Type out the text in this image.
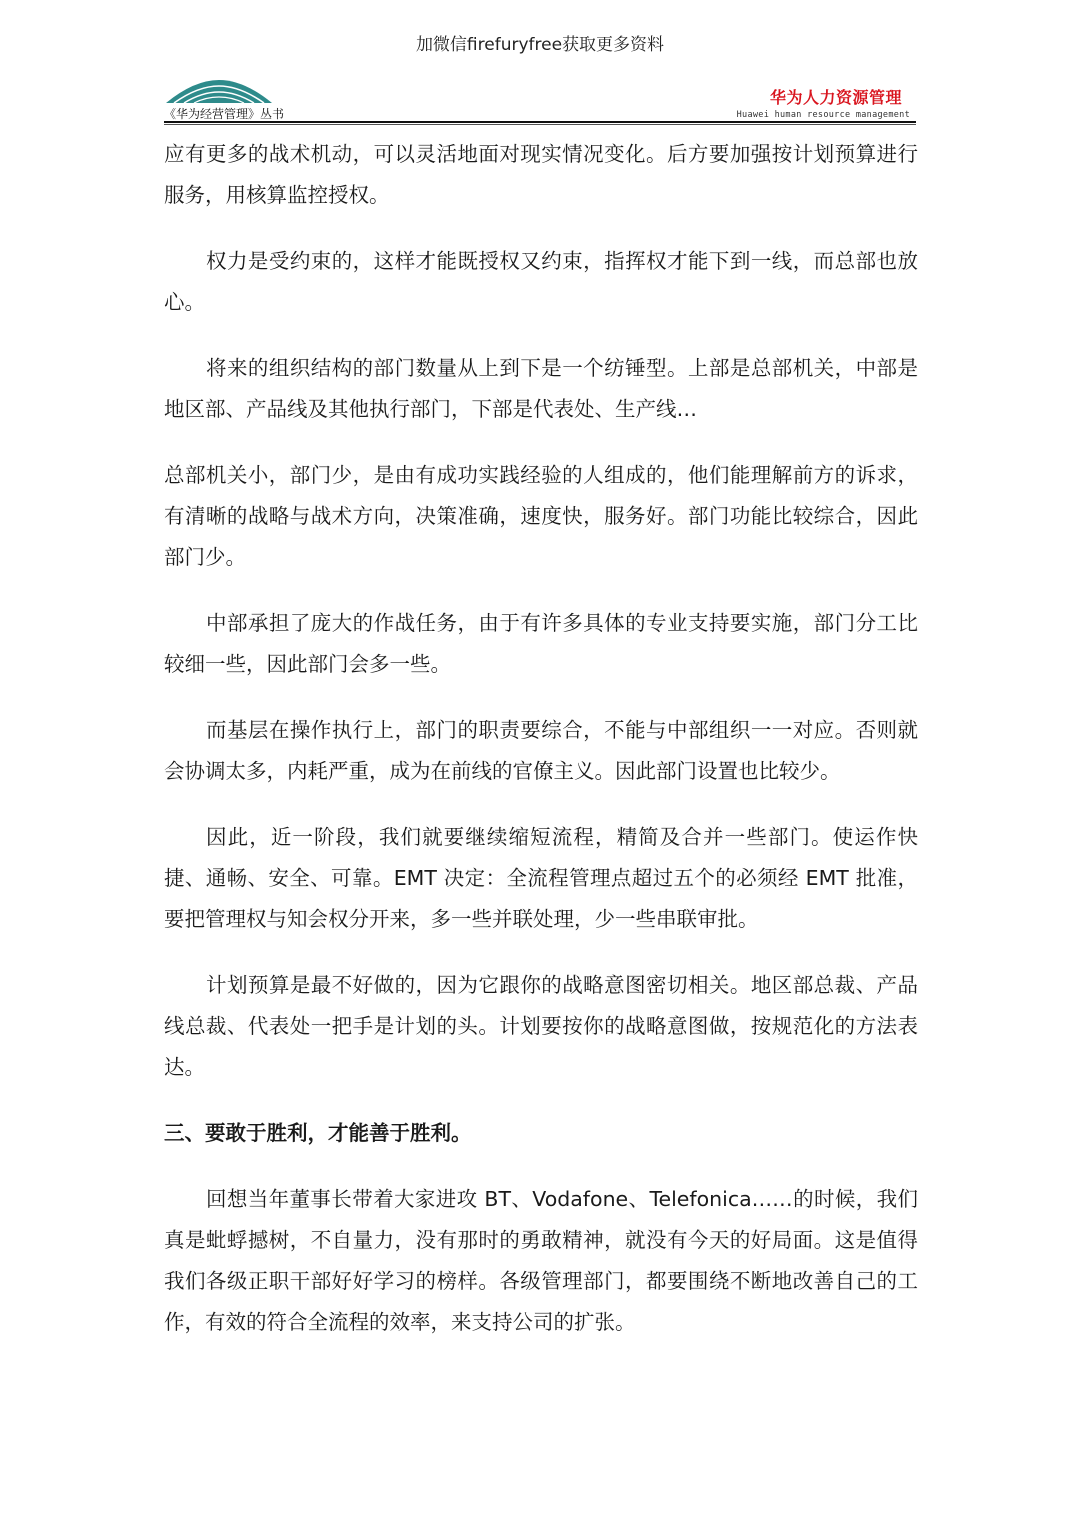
加微信firefuryfree获取更多资料
《华为经营管理》丛书
华为人力资源管理
Huawei human resource management

应有更多的战术机动，可以灵活地面对现实情况变化。后方要加强按计划预算进行服务，用核算监控授权。

权力是受约束的，这样才能既授权又约束，指挥权才能下到一线，而总部也放心。

将来的组织结构的部门数量从上到下是一个纺锤型。上部是总部机关，中部是地区部、产品线及其他执行部门，下部是代表处、生产线…

总部机关小，部门少，是由有成功实践经验的人组成的，他们能理解前方的诉求，有清晰的战略与战术方向，决策准确，速度快，服务好。部门功能比较综合，因此部门少。

中部承担了庞大的作战任务，由于有许多具体的专业支持要实施，部门分工比较细一些，因此部门会多一些。

而基层在操作执行上，部门的职责要综合，不能与中部组织一一对应。否则就会协调太多，内耗严重，成为在前线的官僚主义。因此部门设置也比较少。

因此，近一阶段，我们就要继续缩短流程，精简及合并一些部门。使运作快捷、通畅、安全、可靠。EMT 决定：全流程管理点超过五个的必须经 EMT 批准，要把管理权与知会权分开来，多一些并联处理，少一些串联审批。

计划预算是最不好做的，因为它跟你的战略意图密切相关。地区部总裁、产品线总裁、代表处一把手是计划的头。计划要按你的战略意图做，按规范化的方法表达。

三、要敢于胜利，才能善于胜利。

回想当年董事长带着大家进攻 BT、Vodafone、Telefonica……的时候，我们真是蚍蜉撼树，不自量力，没有那时的勇敢精神，就没有今天的好局面。这是值得我们各级正职干部好好学习的榜样。各级管理部门，都要围绕不断地改善自己的工作，有效的符合全流程的效率，来支持公司的扩张。
